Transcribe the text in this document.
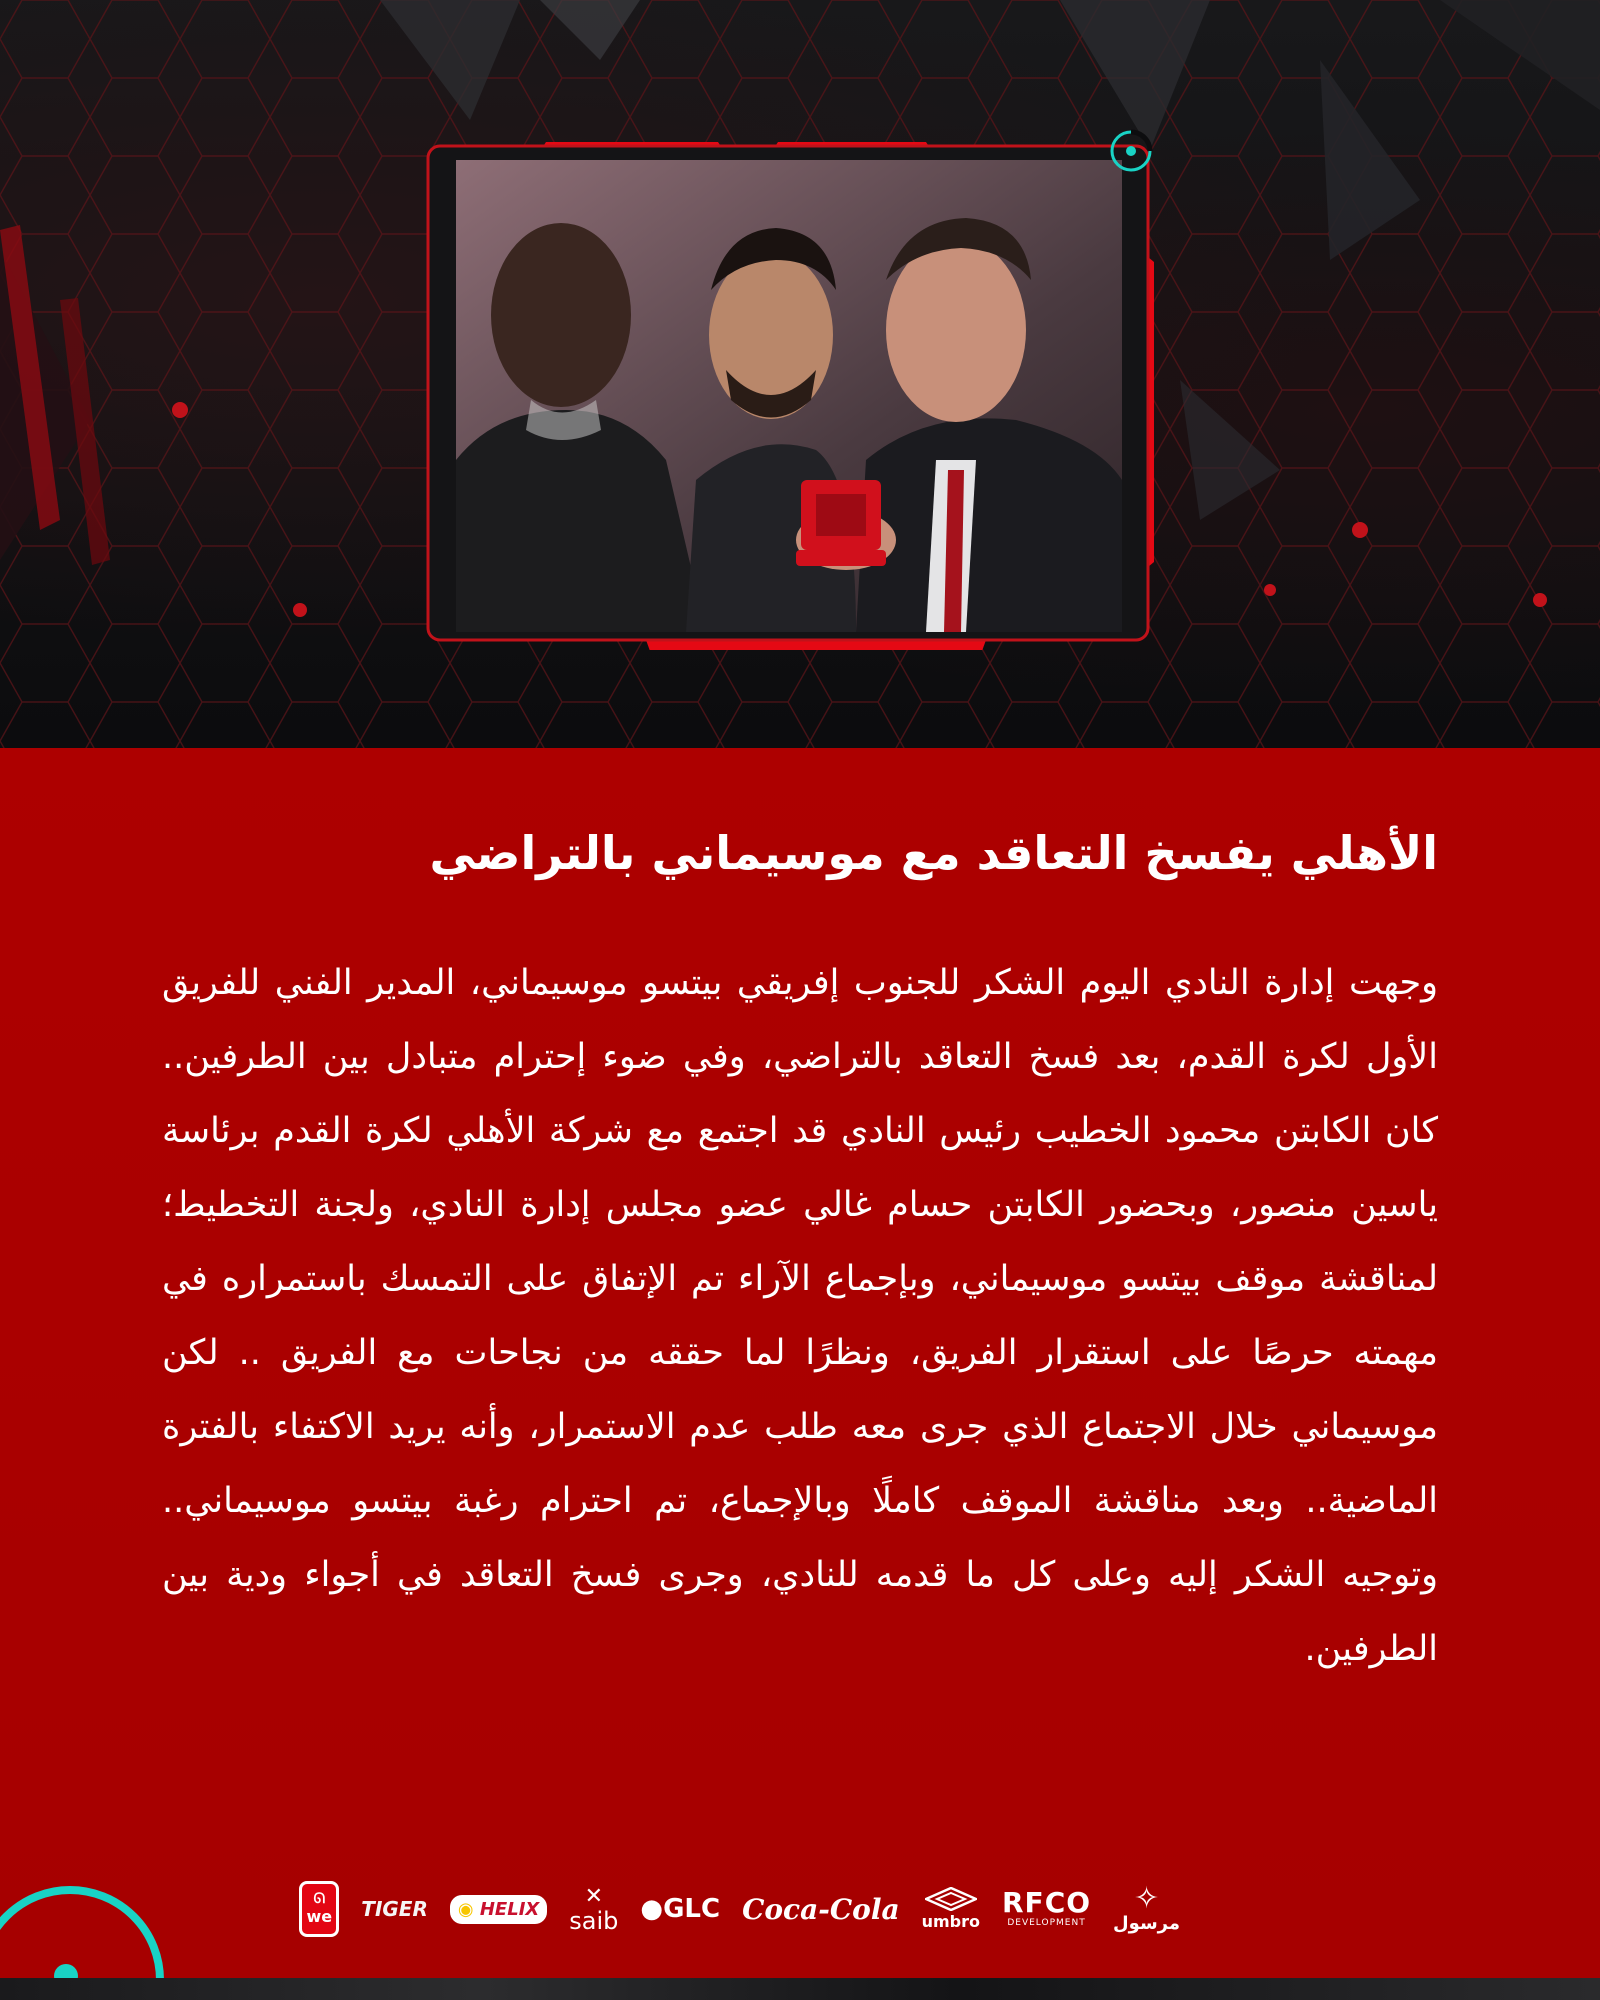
الأهلي يفسخ التعاقد مع موسيماني بالتراضي

وجهت إدارة النادي اليوم الشكر للجنوب إفريقي بيتسو موسيماني، المدير الفني للفريق الأول لكرة القدم، بعد فسخ التعاقد بالتراضي، وفي ضوء إحترام متبادل بين الطرفين.. كان الكابتن محمود الخطيب رئيس النادي قد اجتمع مع شركة الأهلي لكرة القدم برئاسة ياسين منصور، وبحضور الكابتن حسام غالي عضو مجلس إدارة النادي، ولجنة التخطيط؛ لمناقشة موقف بيتسو موسيماني، وبإجماع الآراء تم الإتفاق على التمسك باستمراره في مهمته حرصًا على استقرار الفريق، ونظرًا لما حققه من نجاحات مع الفريق .. لكن موسيماني خلال الاجتماع الذي جرى معه طلب عدم الاستمرار، وأنه يريد الاكتفاء بالفترة الماضية.. وبعد مناقشة الموقف كاملًا وبالإجماع، تم احترام رغبة بيتسو موسيماني.. وتوجيه الشكر إليه وعلى كل ما قدمه للنادي، وجرى فسخ التعاقد في أجواء ودية بين الطرفين.

✧
مرسول
RFCO
DEVELOPMENT
umbro
Coca-Cola
●GLC
✕
saib
◉ HELIX
TIGER
ᘏ
we
